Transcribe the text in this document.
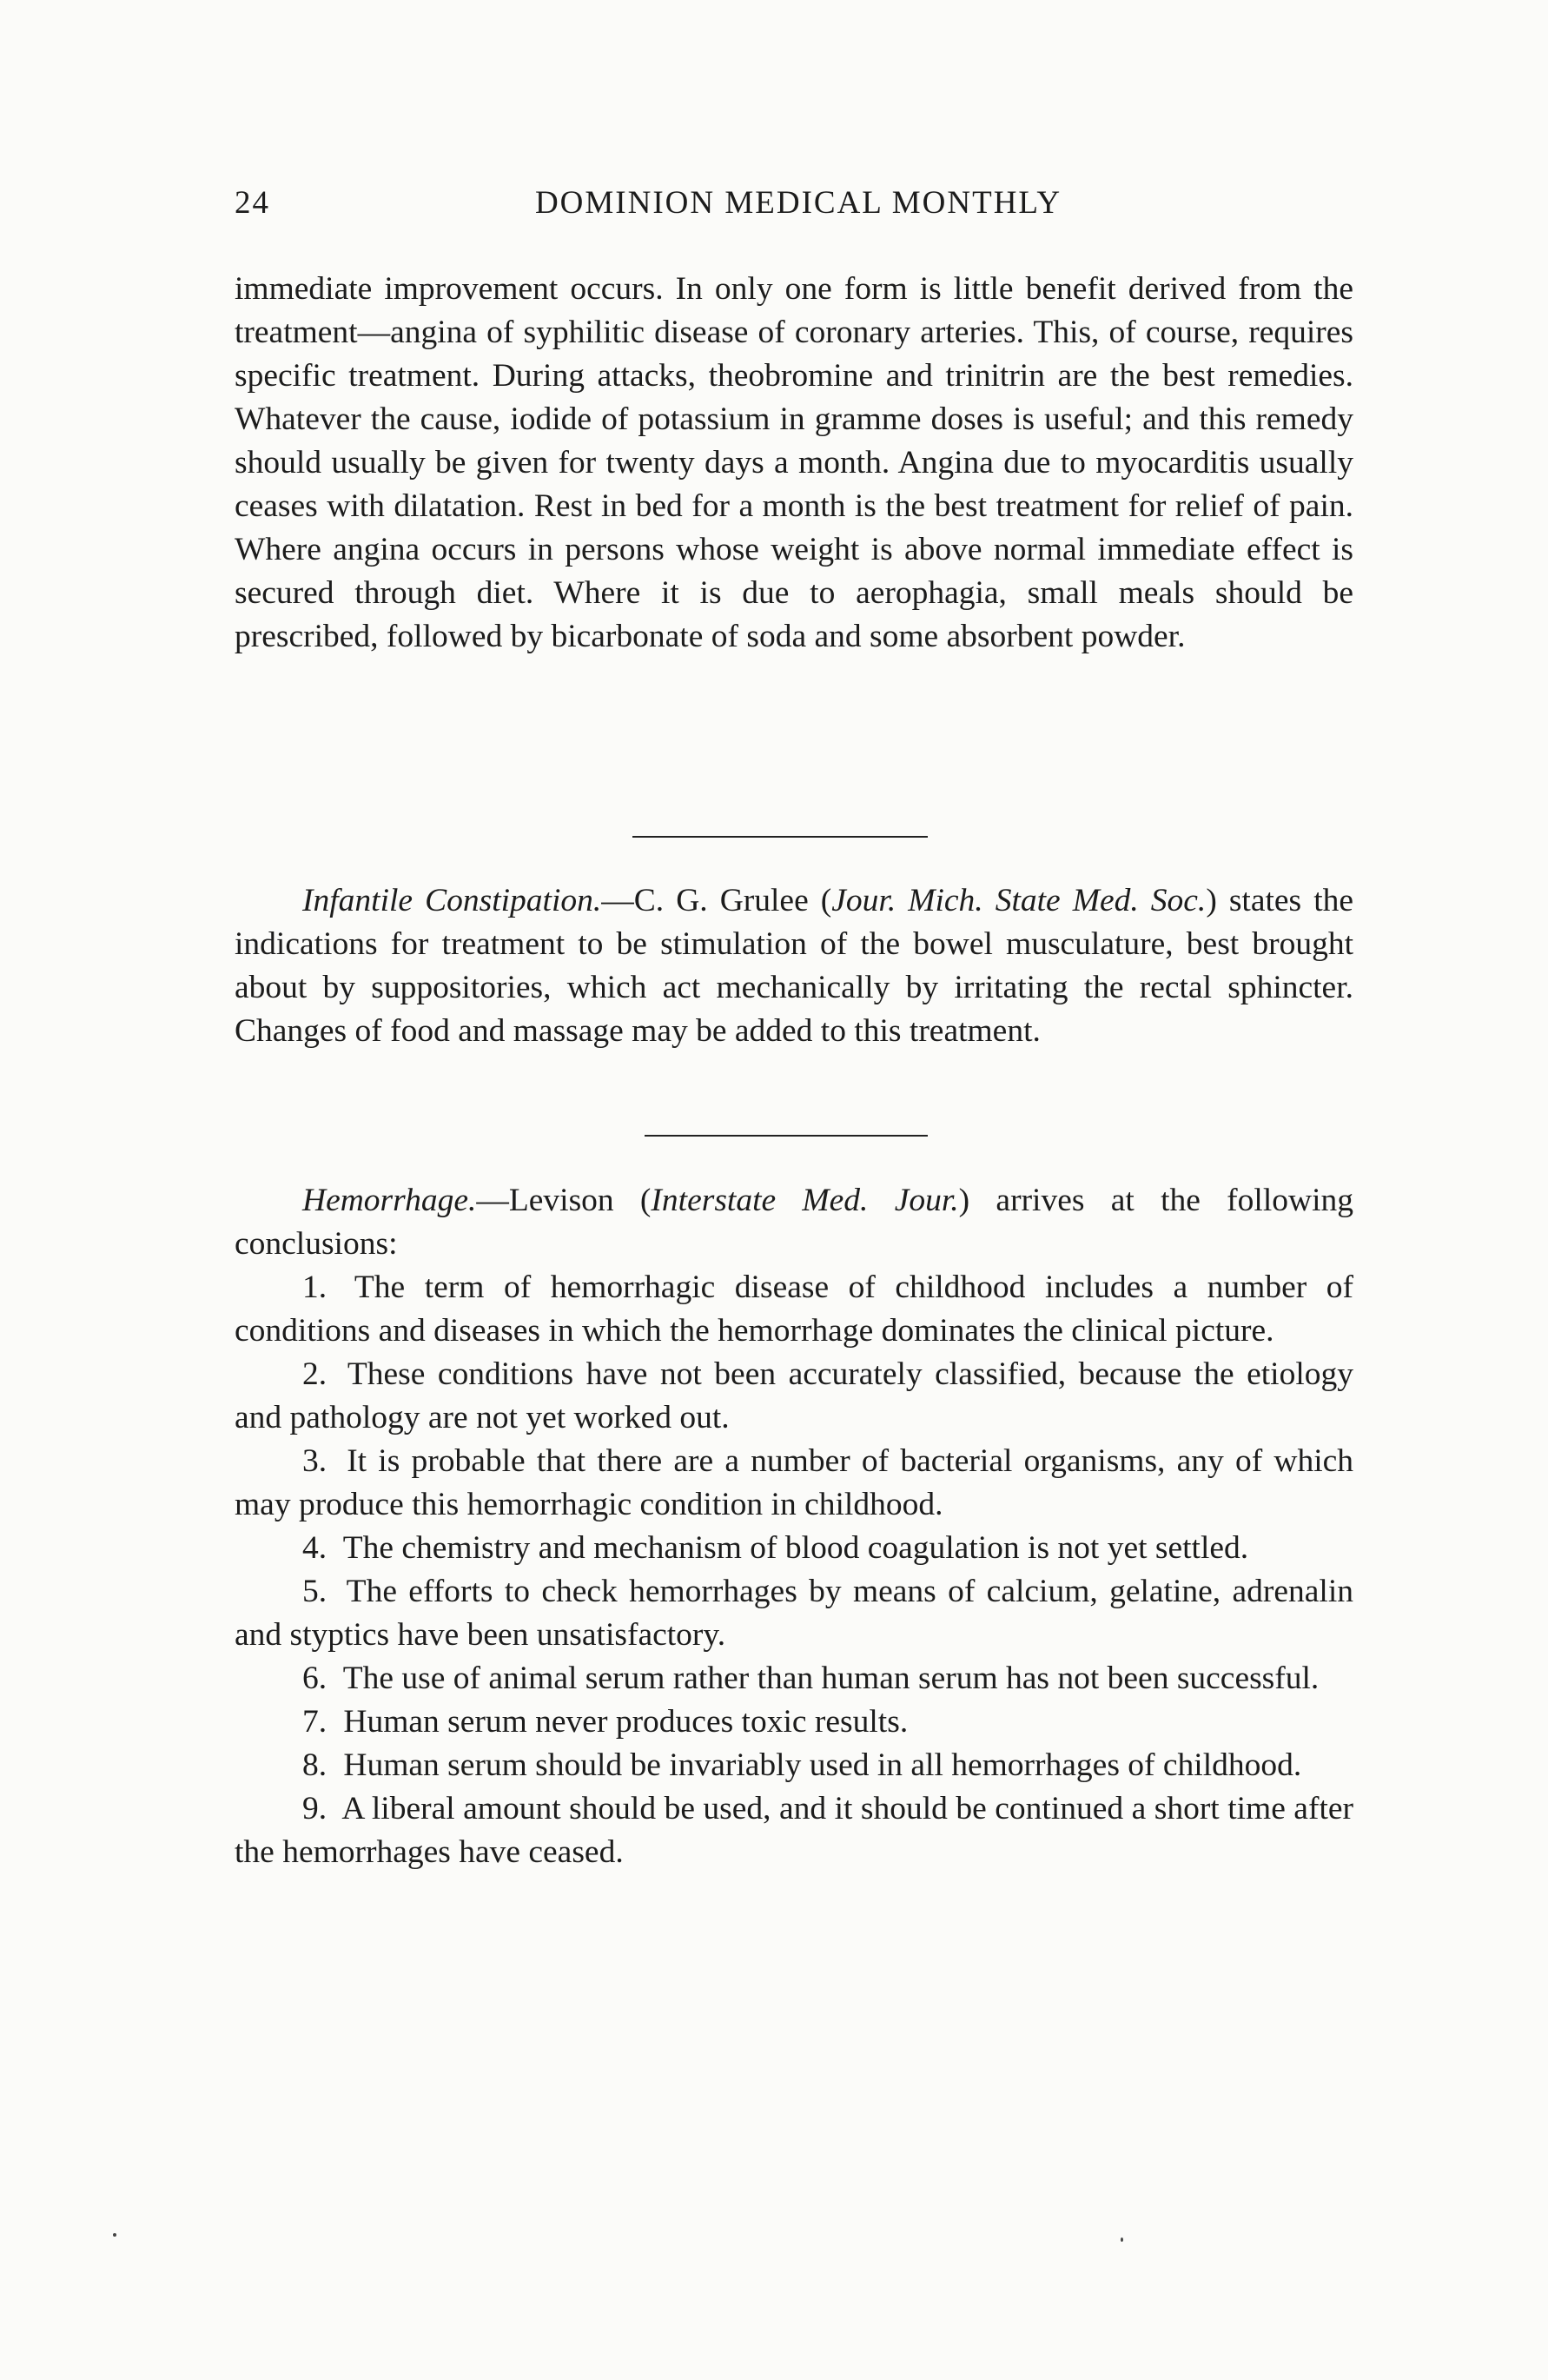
24	DOMINION MEDICAL MONTHLY

immediate improvement occurs. In only one form is little benefit derived from the treatment—angina of syphilitic disease of coronary arteries. This, of course, requires specific treatment. During attacks, theobromine and trinitrin are the best remedies. Whatever the cause, iodide of potassium in gramme doses is useful; and this remedy should usually be given for twenty days a month. Angina due to myocarditis usually ceases with dilatation. Rest in bed for a month is the best treatment for relief of pain. Where angina occurs in persons whose weight is above normal immediate effect is secured through diet. Where it is due to aerophagia, small meals should be prescribed, followed by bicarbonate of soda and some absorbent powder.

Infantile Constipation.—C. G. Grulee (Jour. Mich. State Med. Soc.) states the indications for treatment to be stimulation of the bowel musculature, best brought about by suppositories, which act mechanically by irritating the rectal sphincter. Changes of food and massage may be added to this treatment.

Hemorrhage.—Levison (Interstate Med. Jour.) arrives at the following conclusions:

1. The term of hemorrhagic disease of childhood includes a number of conditions and diseases in which the hemorrhage dominates the clinical picture.

2. These conditions have not been accurately classified, because the etiology and pathology are not yet worked out.

3. It is probable that there are a number of bacterial organisms, any of which may produce this hemorrhagic condition in childhood.

4. The chemistry and mechanism of blood coagulation is not yet settled.

5. The efforts to check hemorrhages by means of calcium, gelatine, adrenalin and styptics have been unsatisfactory.

6. The use of animal serum rather than human serum has not been successful.

7. Human serum never produces toxic results.

8. Human serum should be invariably used in all hemorrhages of childhood.

9. A liberal amount should be used, and it should be continued a short time after the hemorrhages have ceased.
